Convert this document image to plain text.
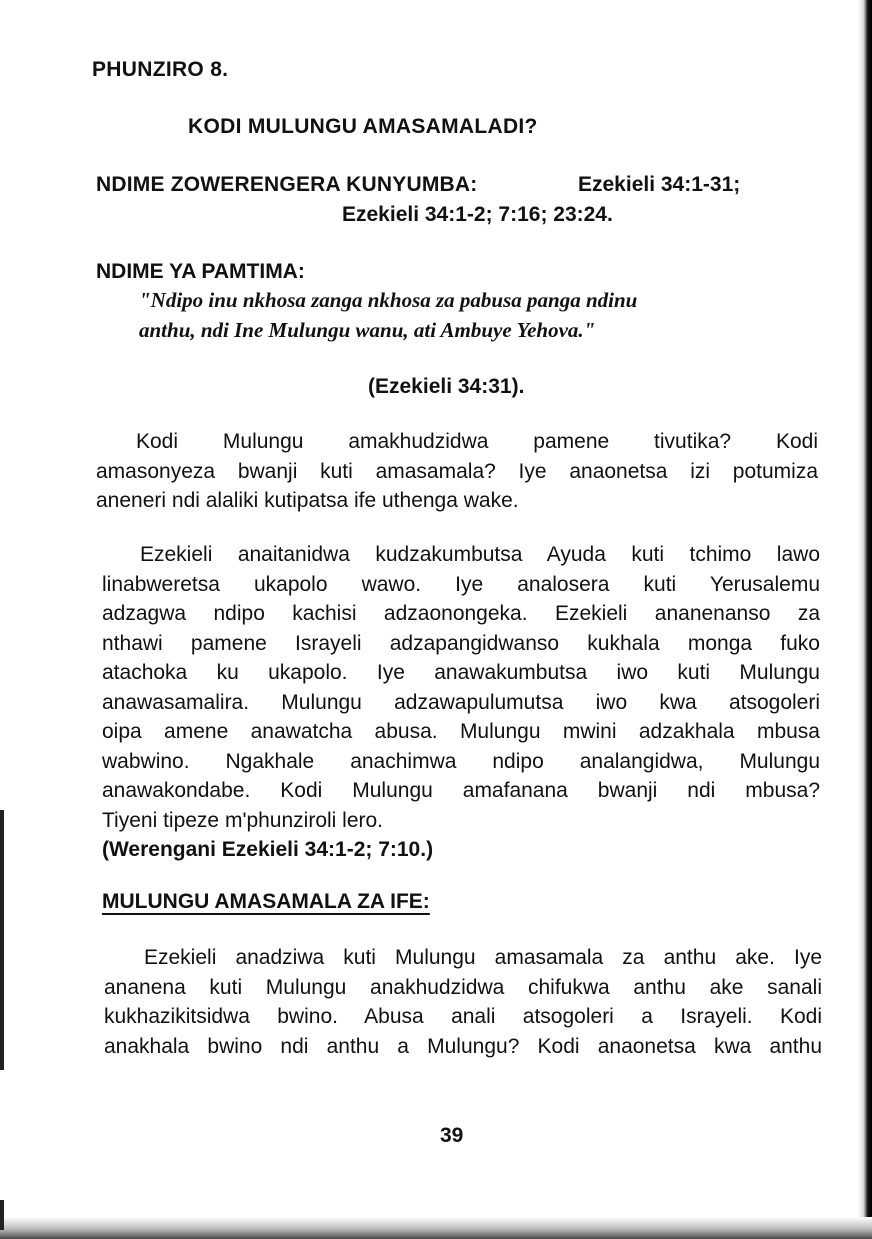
PHUNZIRO 8.
KODI MULUNGU AMASAMALADI?
NDIME ZOWERENGERA KUNYUMBA:	Ezekieli 34:1-31;
Ezekieli 34:1-2; 7:16; 23:24.
NDIME YA PAMTIMA:
"Ndipo inu nkhosa zanga nkhosa za pabusa panga ndinu
anthu, ndi Ine Mulungu wanu, ati Ambuye Yehova."
(Ezekieli 34:31).
Kodi Mulungu amakhudzidwa pamene tivutika? Kodi
amasonyeza bwanji kuti amasamala? Iye anaonetsa izi potumiza
aneneri ndi alaliki kutipatsa ife uthenga wake.
Ezekieli anaitanidwa kudzakumbutsa Ayuda kuti tchimo lawo
linabweretsa ukapolo wawo. Iye analosera kuti Yerusalemu
adzagwa ndipo kachisi adzaonongeka. Ezekieli ananenanso za
nthawi pamene Israyeli adzapangidwanso kukhala monga fuko
atachoka ku ukapolo. Iye anawakumbutsa iwo kuti Mulungu
anawasamalira. Mulungu adzawapulumutsa iwo kwa atsogoleri
oipa amene anawatcha abusa. Mulungu mwini adzakhala mbusa
wabwino. Ngakhale anachimwa ndipo analangidwa, Mulungu
anawakondabe. Kodi Mulungu amafanana bwanji ndi mbusa?
Tiyeni tipeze m'phunziroli lero.
(Werengani Ezekieli 34:1-2; 7:10.)
MULUNGU AMASAMALA ZA IFE:
Ezekieli anadziwa kuti Mulungu amasamala za anthu ake. Iye
ananena kuti Mulungu anakhudzidwa chifukwa anthu ake sanali
kukhazikitsidwa bwino. Abusa anali atsogoleri a Israyeli. Kodi
anakhala bwino ndi anthu a Mulungu? Kodi anaonetsa kwa anthu
39
